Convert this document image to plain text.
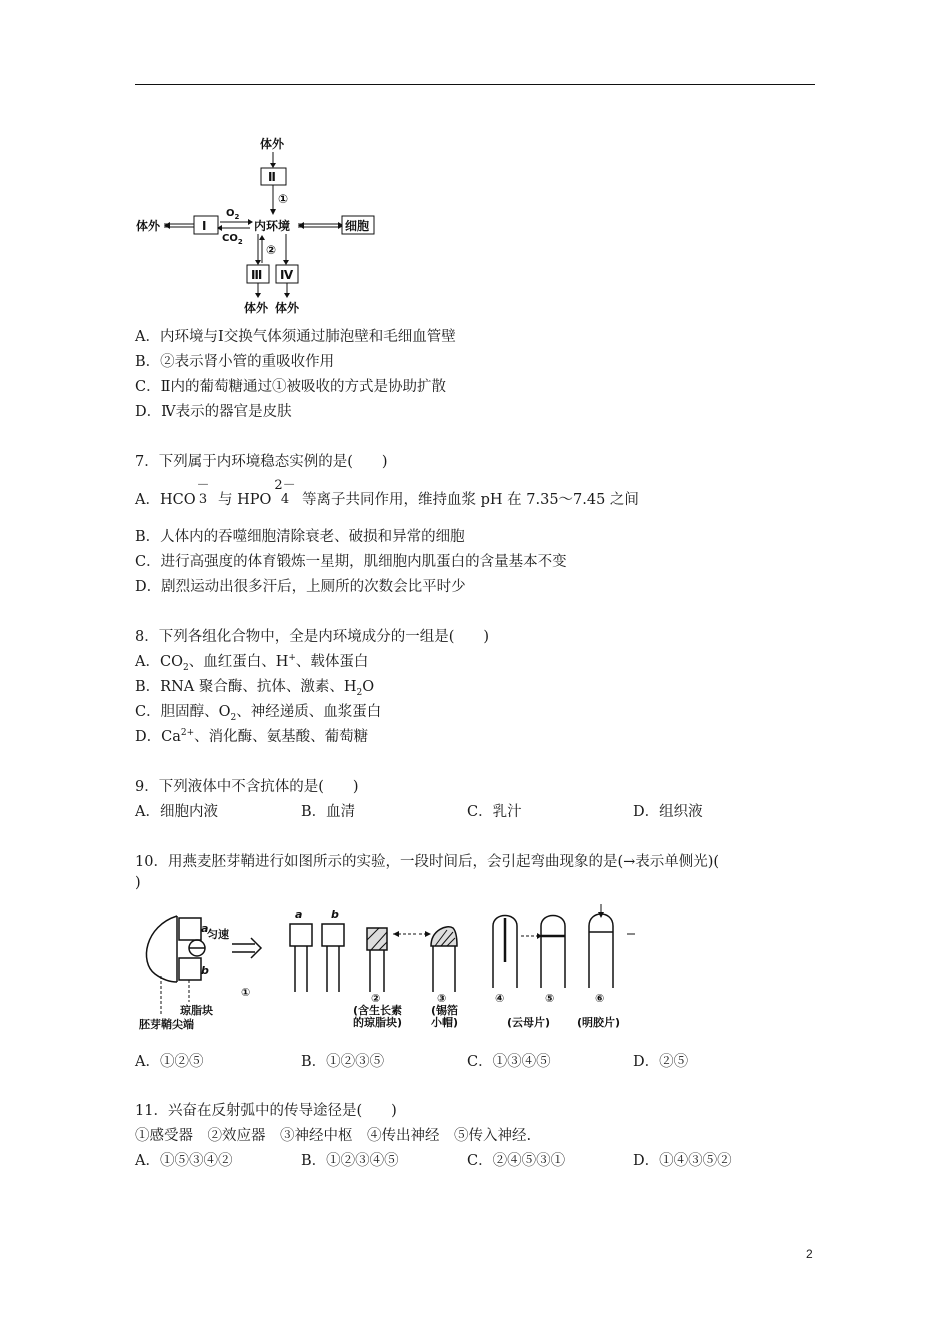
体外
Ⅱ
①
体外	Ⅰ
$O_2$
$CO_2$
内环境	细胞
②
Ⅲ Ⅳ
体外 体外
A．内环境与Ⅰ交换气体须通过肺泡壁和毛细血管壁
B．②表示肾小管的重吸收作用
C．Ⅱ内的葡萄糖通过①被吸收的方式是协助扩散
D．Ⅳ表示的器官是皮肤
7．下列属于内环境稳态实例的是(　　)
A．HCO
－
3 与 HPO
2－
4 等离子共同作用，维持血浆 pH 在 7.35～7.45 之间
B．人体内的吞噬细胞清除衰老、破损和异常的细胞
C．进行高强度的体育锻炼一星期，肌细胞内肌蛋白的含量基本不变
D．剧烈运动出很多汗后，上厕所的次数会比平时少
8．下列各组化合物中，全是内环境成分的一组是(　　)
A．$CO_2$、血红蛋白、H+、载体蛋白
B．RNA 聚合酶、抗体、激素、$H_2O$
C．胆固醇、$O_2$、神经递质、血浆蛋白
D．$Ca^{2+}$、消化酶、氨基酸、葡萄糖
9．下列液体中不含抗体的是(　　)
A．细胞内液	B．血清	C．乳汁	D．组织液
10．用燕麦胚芽鞘进行如图所示的实验，一段时间后，会引起弯曲现象的是(→表示单侧光)(
)
a
b
匀速
①
琼脂块
胚芽鞘尖端
a	b
②
(含生长素
的琼脂块)
③
(锡箔
小帽)
④	⑤
(云母片)
⑥
(明胶片)
A．①②⑤	B．①②③⑤	C．①③④⑤	D．②⑤
11．兴奋在反射弧中的传导途径是(　　)
①感受器　②效应器　③神经中枢　④传出神经　⑤传入神经.
A．①⑤③④②	B．①②③④⑤	C．②④⑤③①	D．①④③⑤②
2
